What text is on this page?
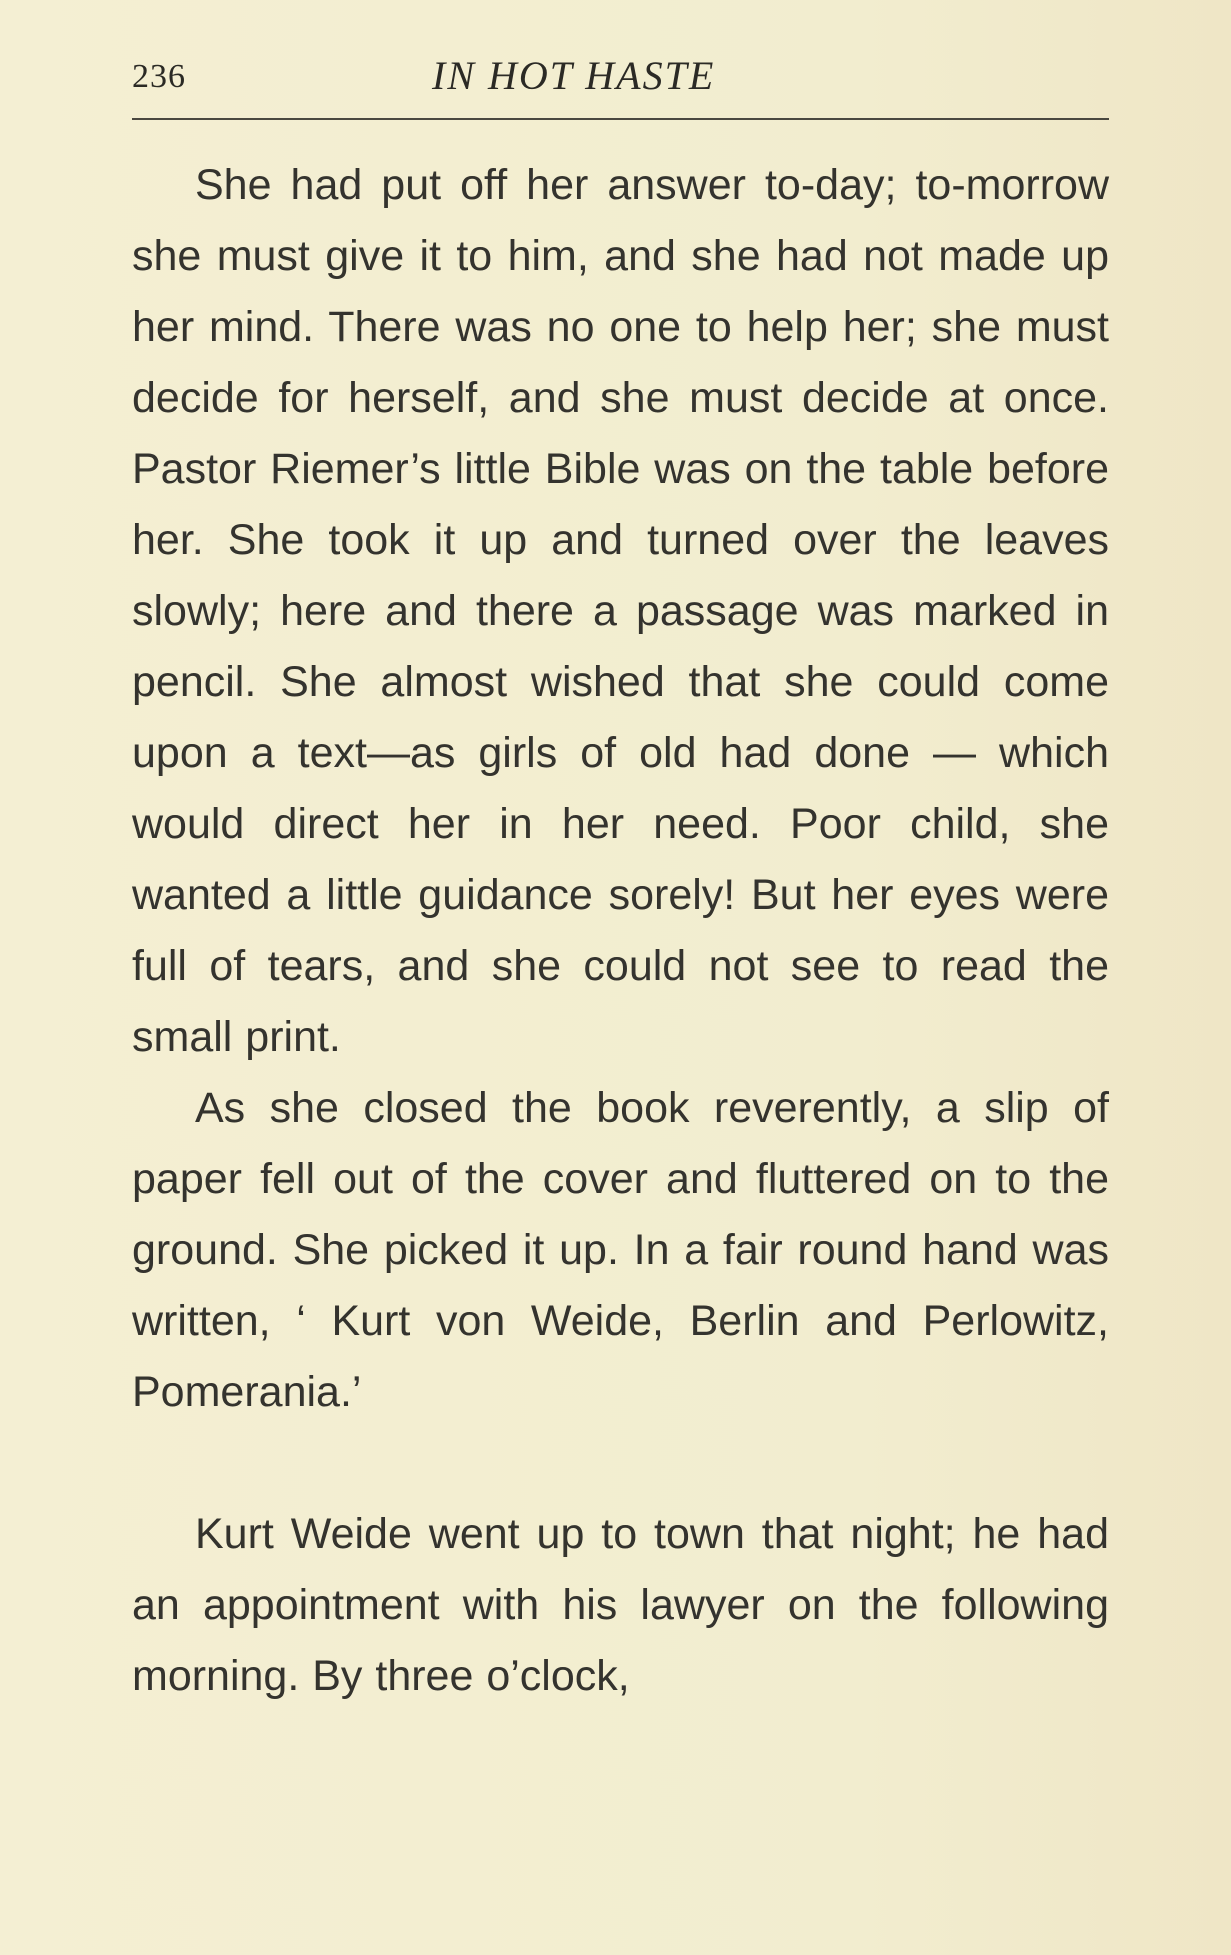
236	IN HOT HASTE

She had put off her answer to-day; to-morrow she must give it to him, and she had not made up her mind. There was no one to help her; she must decide for herself, and she must decide at once. Pastor Riemer’s little Bible was on the table before her. She took it up and turned over the leaves slowly; here and there a passage was marked in pencil. She almost wished that she could come upon a text—as girls of old had done — which would direct her in her need. Poor child, she wanted a little guidance sorely! But her eyes were full of tears, and she could not see to read the small print.

As she closed the book reverently, a slip of paper fell out of the cover and fluttered on to the ground. She picked it up. In a fair round hand was written, ‘ Kurt von Weide, Berlin and Perlowitz, Pomerania.’

Kurt Weide went up to town that night; he had an appointment with his lawyer on the following morning. By three o’clock,
